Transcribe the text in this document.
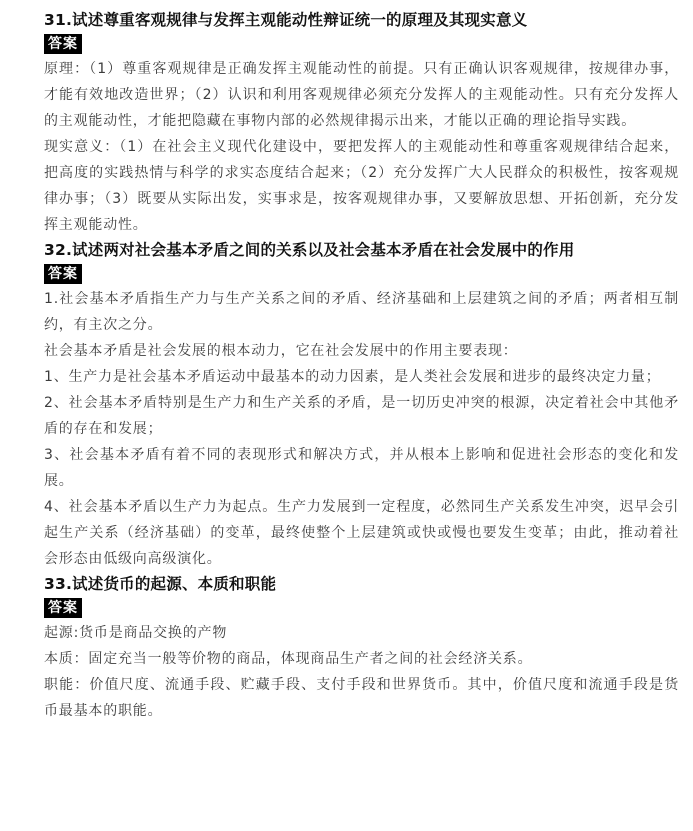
31.试述尊重客观规律与发挥主观能动性辩证统一的原理及其现实意义
答案

原理：（1）尊重客观规律是正确发挥主观能动性的前提。只有正确认识客观规律，按规律办事，才能有效地改造世界；（2）认识和利用客观规律必须充分发挥人的主观能动性。只有充分发挥人的主观能动性，才能把隐藏在事物内部的必然规律揭示出来，才能以正确的理论指导实践。

现实意义：（1）在社会主义现代化建设中，要把发挥人的主观能动性和尊重客观规律结合起来，把高度的实践热情与科学的求实态度结合起来；（2）充分发挥广大人民群众的积极性，按客观规律办事；（3）既要从实际出发，实事求是，按客观规律办事，又要解放思想、开拓创新，充分发挥主观能动性。

32.试述两对社会基本矛盾之间的关系以及社会基本矛盾在社会发展中的作用
答案

1.社会基本矛盾指生产力与生产关系之间的矛盾、经济基础和上层建筑之间的矛盾；两者相互制约，有主次之分。

社会基本矛盾是社会发展的根本动力，它在社会发展中的作用主要表现：

1、生产力是社会基本矛盾运动中最基本的动力因素，是人类社会发展和进步的最终决定力量；

2、社会基本矛盾特别是生产力和生产关系的矛盾，是一切历史冲突的根源，决定着社会中其他矛盾的存在和发展；

3、社会基本矛盾有着不同的表现形式和解决方式，并从根本上影响和促进社会形态的变化和发展。

4、社会基本矛盾以生产力为起点。生产力发展到一定程度，必然同生产关系发生冲突，迟早会引起生产关系（经济基础）的变革，最终使整个上层建筑或快或慢也要发生变革；由此，推动着社会形态由低级向高级演化。

33.试述货币的起源、本质和职能
答案

起源:货币是商品交换的产物

本质：固定充当一般等价物的商品，体现商品生产者之间的社会经济关系。

职能：价值尺度、流通手段、贮藏手段、支付手段和世界货币。其中，价值尺度和流通手段是货币最基本的职能。
